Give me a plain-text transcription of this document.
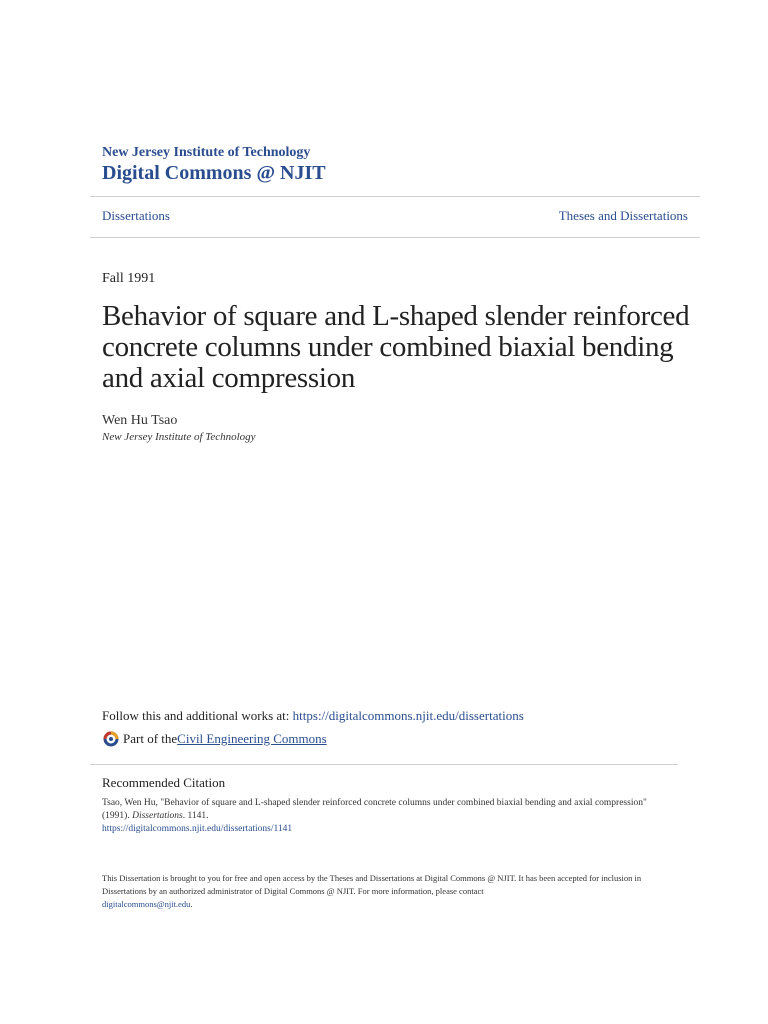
New Jersey Institute of Technology
Digital Commons @ NJIT
Dissertations	Theses and Dissertations
Fall 1991
Behavior of square and L-shaped slender reinforced concrete columns under combined biaxial bending and axial compression
Wen Hu Tsao
New Jersey Institute of Technology
Follow this and additional works at: https://digitalcommons.njit.edu/dissertations
Part of the Civil Engineering Commons
Recommended Citation
Tsao, Wen Hu, "Behavior of square and L-shaped slender reinforced concrete columns under combined biaxial bending and axial compression" (1991). Dissertations. 1141.
https://digitalcommons.njit.edu/dissertations/1141
This Dissertation is brought to you for free and open access by the Theses and Dissertations at Digital Commons @ NJIT. It has been accepted for inclusion in Dissertations by an authorized administrator of Digital Commons @ NJIT. For more information, please contact
digitalcommons@njit.edu.
